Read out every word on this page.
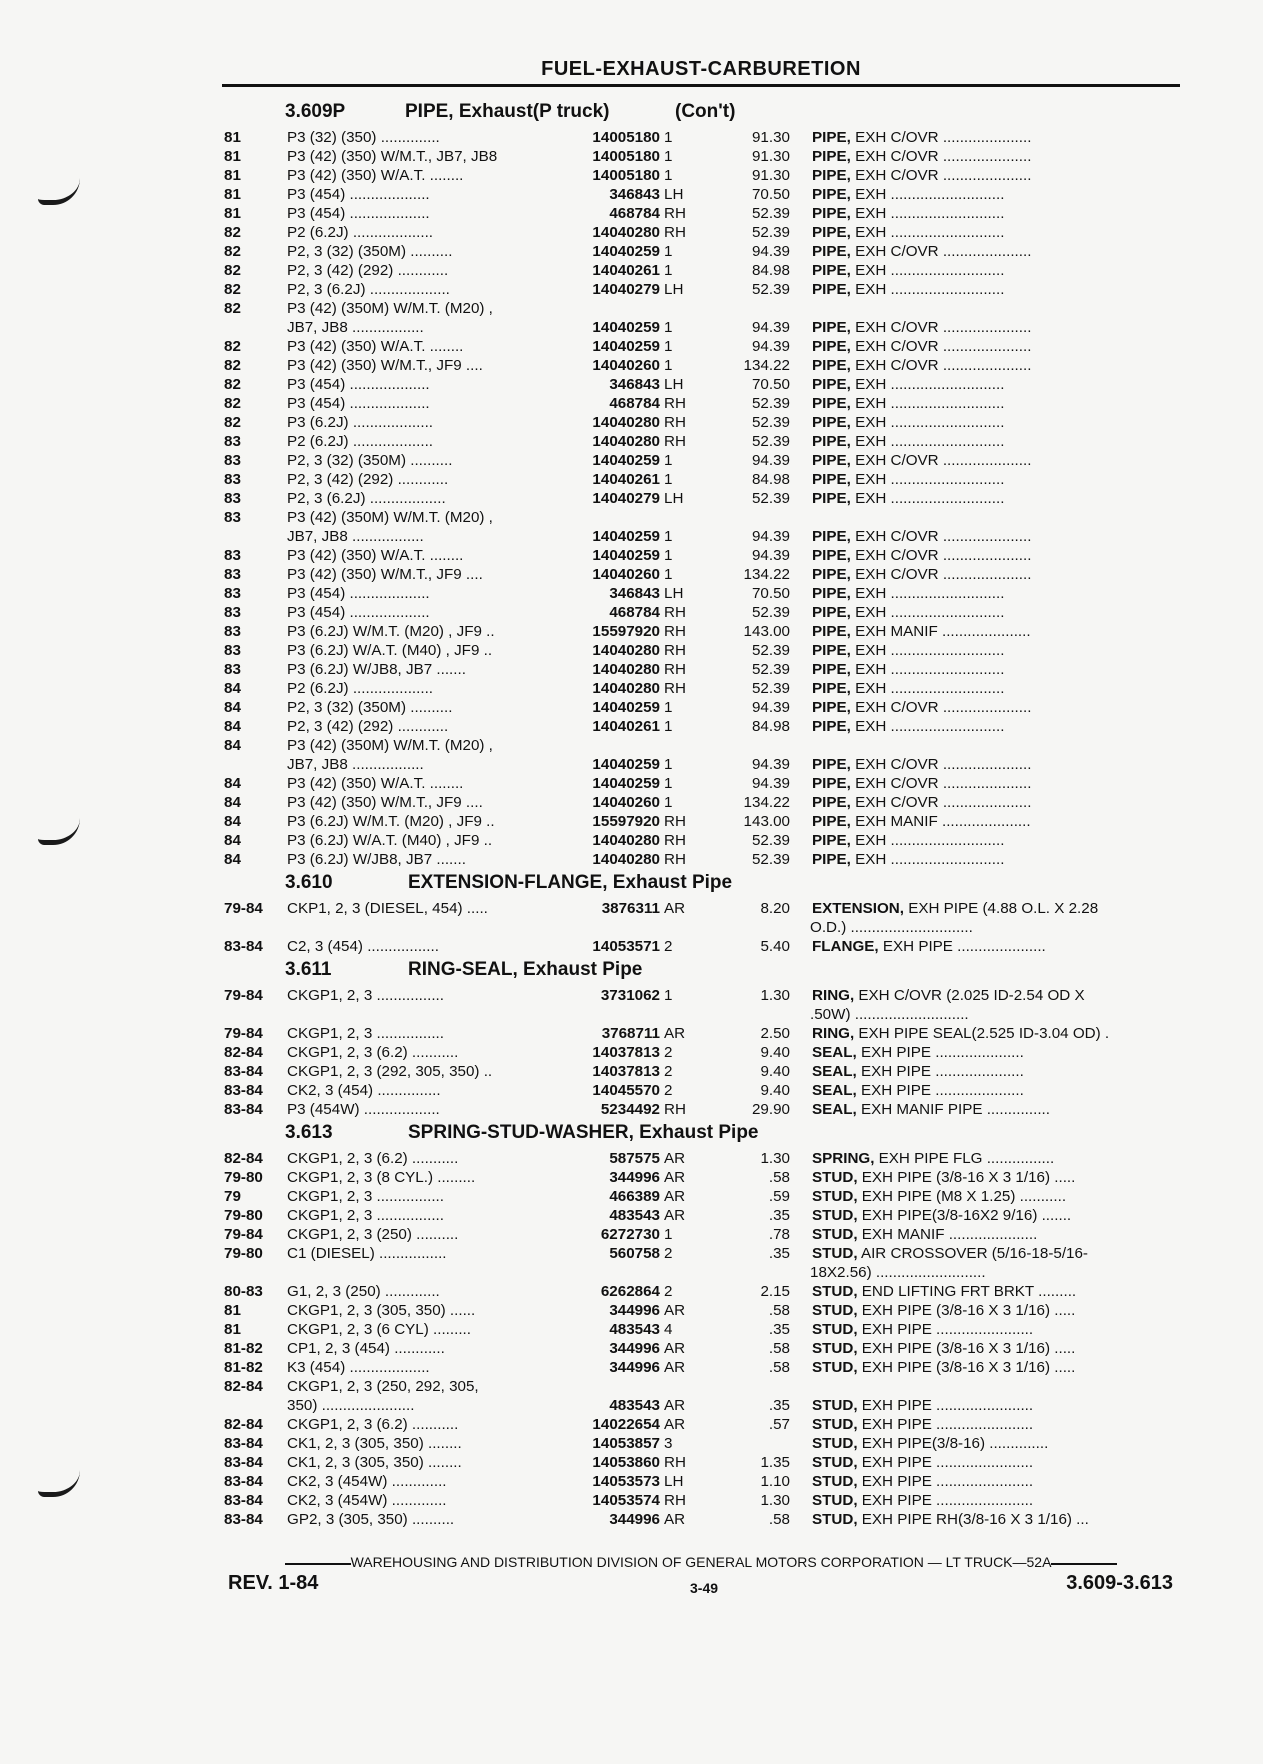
FUEL-EXHAUST-CARBURETION
3.609P	PIPE, Exhaust(P truck)	(Con't)
81	P3 (32) (350) ..............	14005180 1	91.30 PIPE, EXH C/OVR .....................
81	P3 (42) (350) W/M.T., JB7, JB8	14005180 1	91.30 PIPE, EXH C/OVR .....................
81	P3 (42) (350) W/A.T. ........	14005180 1	91.30 PIPE, EXH C/OVR .....................
81	P3 (454) ...................	346843 LH	70.50 PIPE, EXH ...........................
81	P3 (454) ...................	468784 RH	52.39 PIPE, EXH ...........................
82	P2 (6.2J) ...................	14040280 RH	52.39 PIPE, EXH ...........................
82	P2, 3 (32) (350M) ..........	14040259 1	94.39 PIPE, EXH C/OVR .....................
82	P2, 3 (42) (292) ............	14040261 1	84.98 PIPE, EXH ...........................
82	P2, 3 (6.2J) ...................	14040279 LH	52.39 PIPE, EXH ...........................
82	P3 (42) (350M) W/M.T. (M20) ,
JB7, JB8 .................	14040259 1	94.39 PIPE, EXH C/OVR .....................
82	P3 (42) (350) W/A.T. ........	14040259 1	94.39 PIPE, EXH C/OVR .....................
82	P3 (42) (350) W/M.T., JF9 ....	14040260 1	134.22 PIPE, EXH C/OVR .....................
82	P3 (454) ...................	346843 LH	70.50 PIPE, EXH ...........................
82	P3 (454) ...................	468784 RH	52.39 PIPE, EXH ...........................
82	P3 (6.2J) ...................	14040280 RH	52.39 PIPE, EXH ...........................
83	P2 (6.2J) ...................	14040280 RH	52.39 PIPE, EXH ...........................
83	P2, 3 (32) (350M) ..........	14040259 1	94.39 PIPE, EXH C/OVR .....................
83	P2, 3 (42) (292) ............	14040261 1	84.98 PIPE, EXH ...........................
83	P2, 3 (6.2J) ..................	14040279 LH	52.39 PIPE, EXH ...........................
83	P3 (42) (350M) W/M.T. (M20) ,
JB7, JB8 .................	14040259 1	94.39 PIPE, EXH C/OVR .....................
83	P3 (42) (350) W/A.T. ........	14040259 1	94.39 PIPE, EXH C/OVR .....................
83	P3 (42) (350) W/M.T., JF9 ....	14040260 1	134.22 PIPE, EXH C/OVR .....................
83	P3 (454) ...................	346843 LH	70.50 PIPE, EXH ...........................
83	P3 (454) ...................	468784 RH	52.39 PIPE, EXH ...........................
83	P3 (6.2J) W/M.T. (M20) , JF9 ..	15597920 RH	143.00 PIPE, EXH MANIF .....................
83	P3 (6.2J) W/A.T. (M40) , JF9 ..	14040280 RH	52.39 PIPE, EXH ...........................
83	P3 (6.2J) W/JB8, JB7 .......	14040280 RH	52.39 PIPE, EXH ...........................
84	P2 (6.2J) ...................	14040280 RH	52.39 PIPE, EXH ...........................
84	P2, 3 (32) (350M) ..........	14040259 1	94.39 PIPE, EXH C/OVR .....................
84	P2, 3 (42) (292) ............	14040261 1	84.98 PIPE, EXH ...........................
84	P3 (42) (350M) W/M.T. (M20) ,
JB7, JB8 .................	14040259 1	94.39 PIPE, EXH C/OVR .....................
84	P3 (42) (350) W/A.T. ........	14040259 1	94.39 PIPE, EXH C/OVR .....................
84	P3 (42) (350) W/M.T., JF9 ....	14040260 1	134.22 PIPE, EXH C/OVR .....................
84	P3 (6.2J) W/M.T. (M20) , JF9 ..	15597920 RH	143.00 PIPE, EXH MANIF .....................
84	P3 (6.2J) W/A.T. (M40) , JF9 ..	14040280 RH	52.39 PIPE, EXH ...........................
84	P3 (6.2J) W/JB8, JB7 .......	14040280 RH	52.39 PIPE, EXH ...........................
3.610	EXTENSION-FLANGE, Exhaust Pipe
79-84	CKP1, 2, 3 (DIESEL, 454) .....	3876311 AR	8.20 EXTENSION, EXH PIPE (4.88 O.L. X 2.28
O.D.) .............................
83-84	C2, 3 (454) .................	14053571 2	5.40 FLANGE, EXH PIPE .....................
3.611	RING-SEAL, Exhaust Pipe
79-84	CKGP1, 2, 3 ................	3731062 1	1.30 RING, EXH C/OVR (2.025 ID-2.54 OD X
.50W) ...........................
79-84	CKGP1, 2, 3 ................	3768711 AR	2.50 RING, EXH PIPE SEAL(2.525 ID-3.04 OD) .
82-84	CKGP1, 2, 3 (6.2) ...........	14037813 2	9.40 SEAL, EXH PIPE .....................
83-84	CKGP1, 2, 3 (292, 305, 350) ..	14037813 2	9.40 SEAL, EXH PIPE .....................
83-84	CK2, 3 (454) ...............	14045570 2	9.40 SEAL, EXH PIPE .....................
83-84	P3 (454W) ..................	5234492 RH	29.90 SEAL, EXH MANIF PIPE ...............
3.613	SPRING-STUD-WASHER, Exhaust Pipe
82-84	CKGP1, 2, 3 (6.2) ...........	587575 AR	1.30 SPRING, EXH PIPE FLG ................
79-80	CKGP1, 2, 3 (8 CYL.) .........	344996 AR	.58 STUD, EXH PIPE (3/8-16 X 3 1/16) .....
79	CKGP1, 2, 3 ................	466389 AR	.59 STUD, EXH PIPE (M8 X 1.25) ...........
79-80	CKGP1, 2, 3 ................	483543 AR	.35 STUD, EXH PIPE(3/8-16X2 9/16) .......
79-84	CKGP1, 2, 3 (250) ..........	6272730 1	.78 STUD, EXH MANIF .....................
79-80	C1 (DIESEL) ................	560758 2	.35 STUD, AIR CROSSOVER (5/16-18-5/16-
18X2.56) ..........................
80-83	G1, 2, 3 (250) .............	6262864 2	2.15 STUD, END LIFTING FRT BRKT .........
81	CKGP1, 2, 3 (305, 350) ......	344996 AR	.58 STUD, EXH PIPE (3/8-16 X 3 1/16) .....
81	CKGP1, 2, 3 (6 CYL) .........	483543 4	.35 STUD, EXH PIPE .......................
81-82	CP1, 2, 3 (454) ............	344996 AR	.58 STUD, EXH PIPE (3/8-16 X 3 1/16) .....
81-82	K3 (454) ...................	344996 AR	.58 STUD, EXH PIPE (3/8-16 X 3 1/16) .....
82-84	CKGP1, 2, 3 (250, 292, 305,
350) ......................	483543 AR	.35 STUD, EXH PIPE .......................
82-84	CKGP1, 2, 3 (6.2) ...........	14022654 AR	.57 STUD, EXH PIPE .......................
83-84	CK1, 2, 3 (305, 350) ........	14053857 3	STUD, EXH PIPE(3/8-16) ..............
83-84	CK1, 2, 3 (305, 350) ........	14053860 RH	1.35 STUD, EXH PIPE .......................
83-84	CK2, 3 (454W) .............	14053573 LH	1.10 STUD, EXH PIPE .......................
83-84	CK2, 3 (454W) .............	14053574 RH	1.30 STUD, EXH PIPE .......................
83-84	GP2, 3 (305, 350) ..........	344996 AR	.58 STUD, EXH PIPE RH(3/8-16 X 3 1/16) ...
WAREHOUSING AND DISTRIBUTION DIVISION OF GENERAL MOTORS CORPORATION — LT TRUCK—52A
REV. 1-84	3-49	3.609-3.613
